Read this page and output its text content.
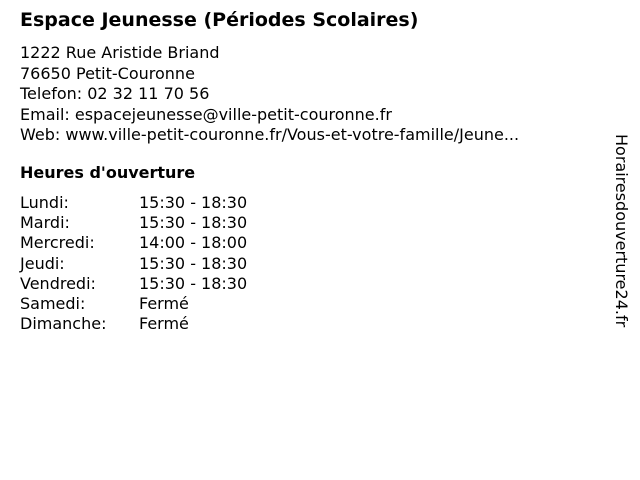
Espace Jeunesse (Périodes Scolaires)
1222 Rue Aristide Briand
76650 Petit-Couronne
Telefon: 02 32 11 70 56
Email: espacejeunesse@ville-petit-couronne.fr
Web: www.ville-petit-couronne.fr/Vous-et-votre-famille/Jeune...
Heures d'ouverture
Lundi:	15:30 - 18:30
Mardi:	15:30 - 18:30
Mercredi:	14:00 - 18:00
Jeudi:	15:30 - 18:30
Vendredi:	15:30 - 18:30
Samedi:	Fermé
Dimanche:	Fermé	Horairesdouverture24.fr
